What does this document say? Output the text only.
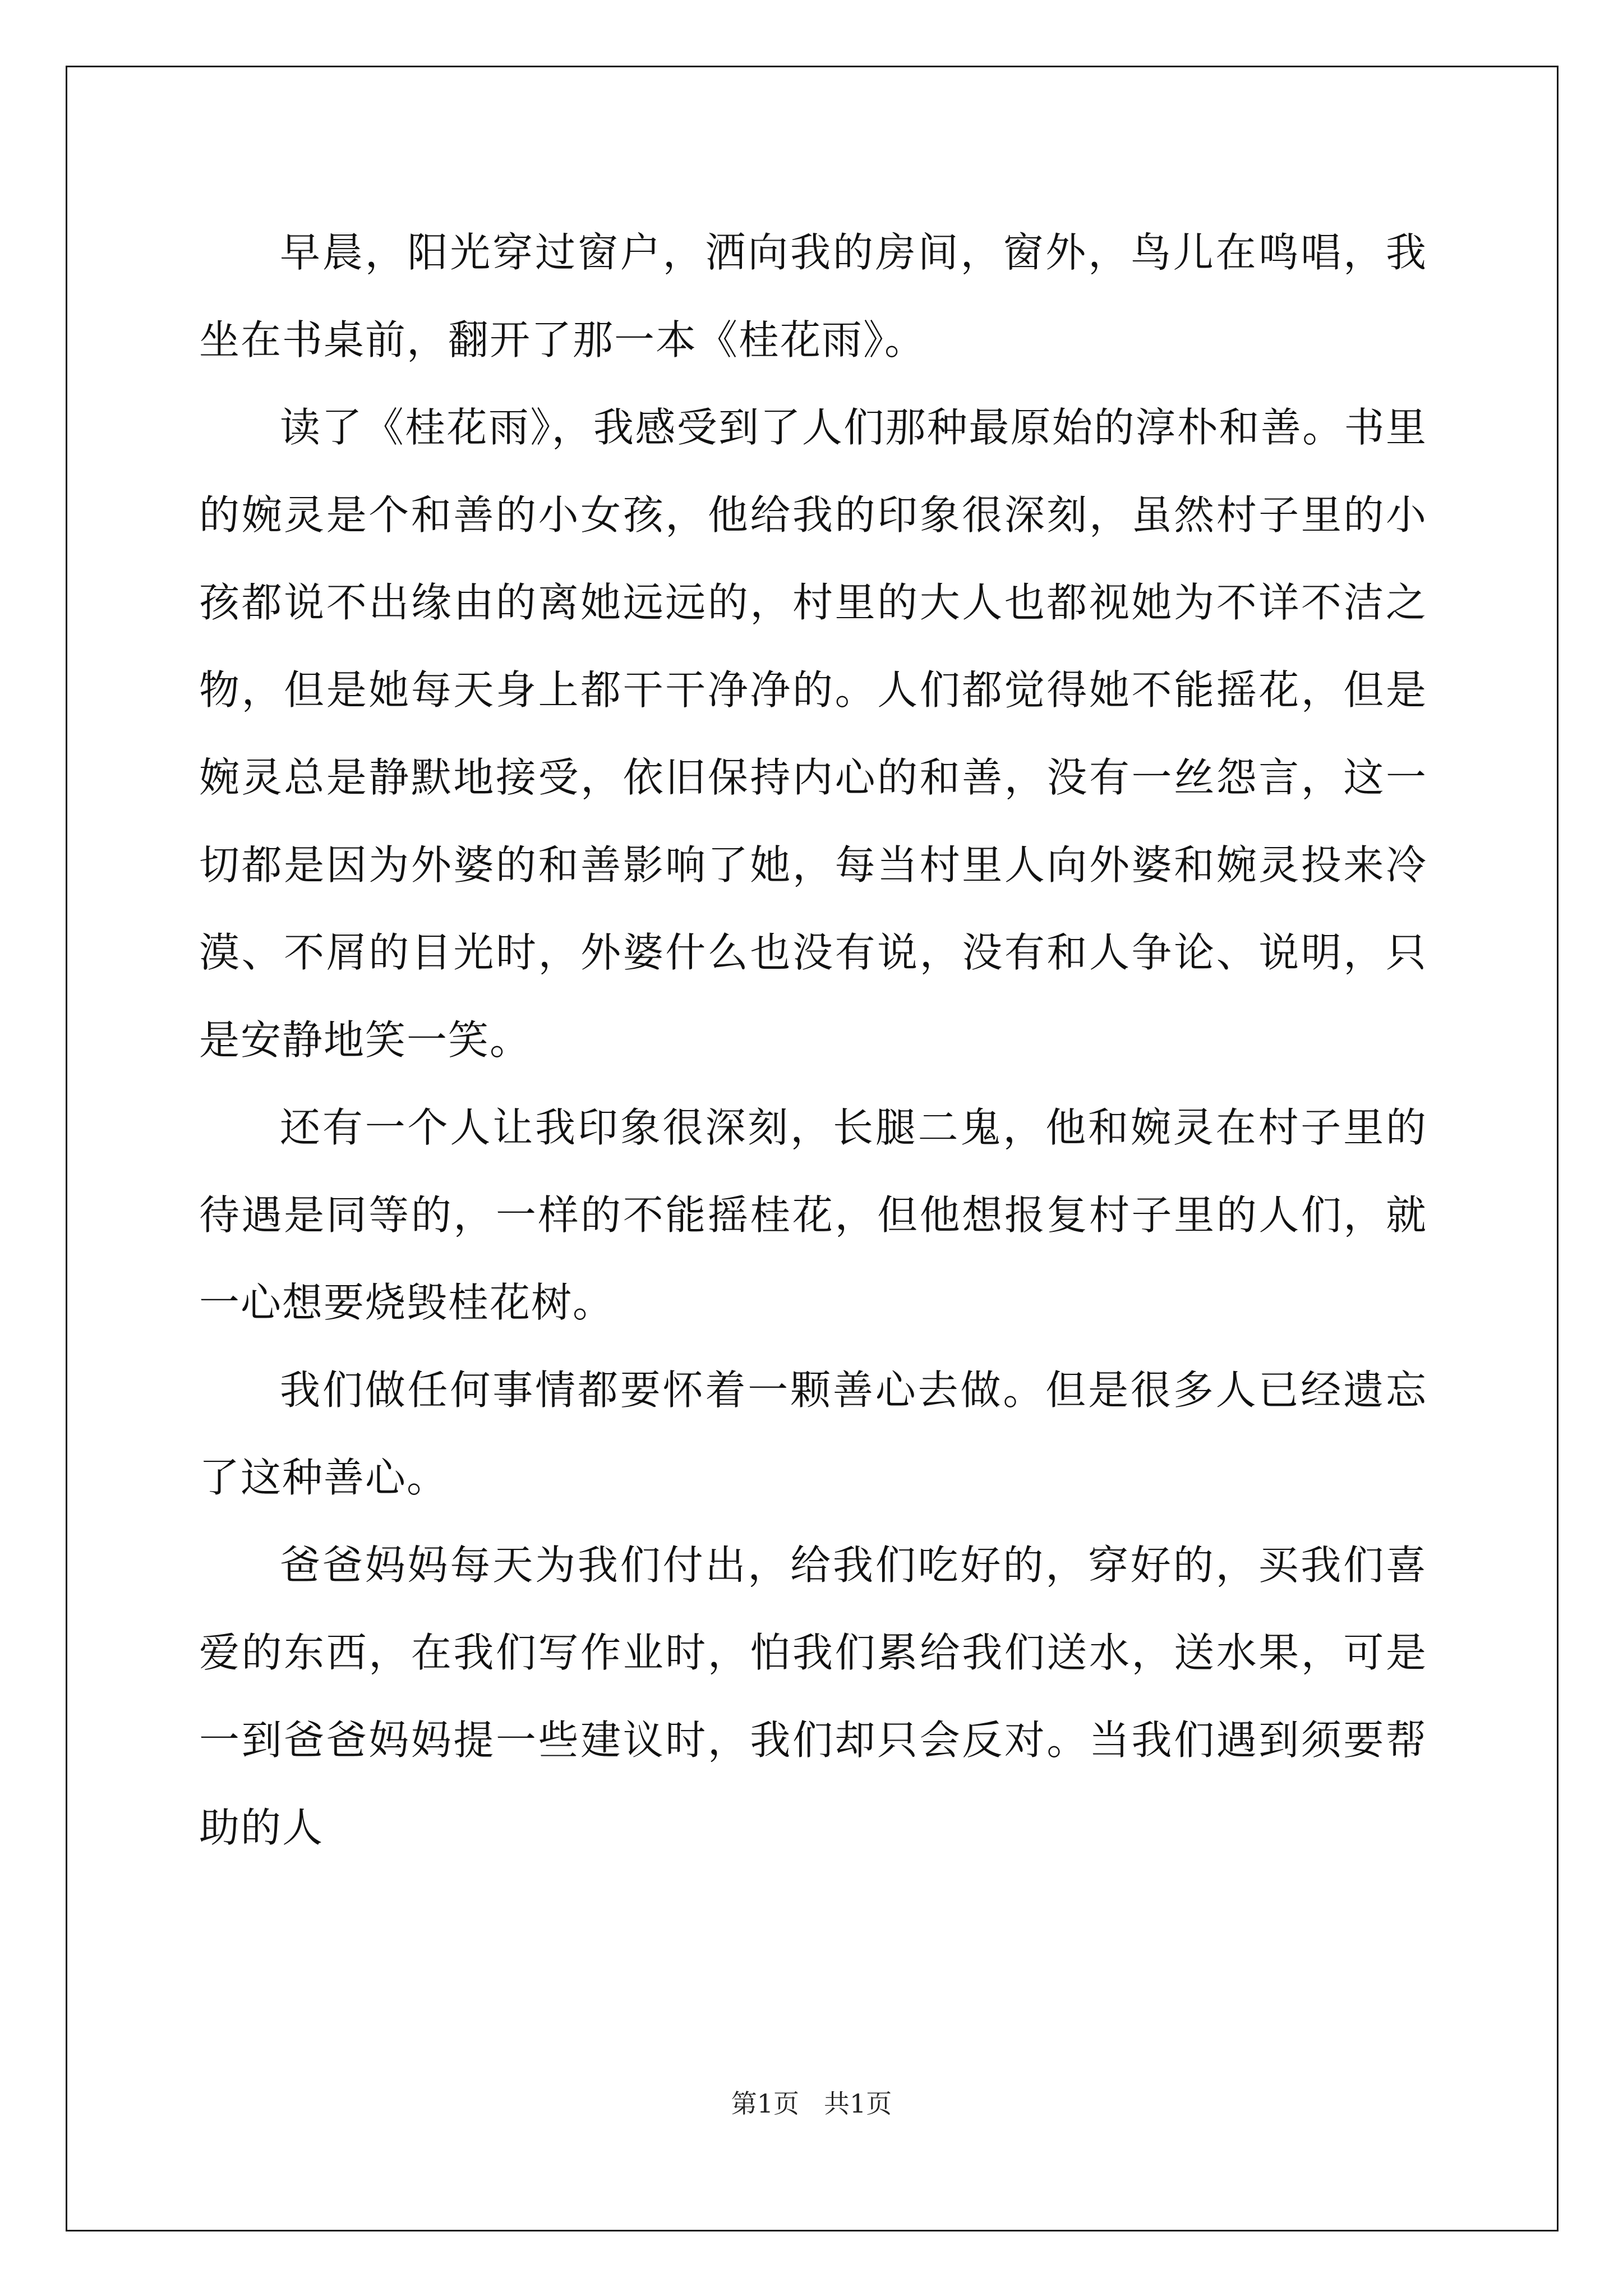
早晨，阳光穿过窗户，洒向我的房间，窗外，鸟儿在鸣唱，我坐在书桌前，翻开了那一本《桂花雨》。

读了《桂花雨》，我感受到了人们那种最原始的淳朴和善。书里的婉灵是个和善的小女孩，他给我的印象很深刻，虽然村子里的小孩都说不出缘由的离她远远的，村里的大人也都视她为不详不洁之物，但是她每天身上都干干净净的。人们都觉得她不能摇花，但是婉灵总是静默地接受，依旧保持内心的和善，没有一丝怨言，这一切都是因为外婆的和善影响了她，每当村里人向外婆和婉灵投来冷漠、不屑的目光时，外婆什么也没有说，没有和人争论、说明，只是安静地笑一笑。

还有一个人让我印象很深刻，长腿二鬼，他和婉灵在村子里的待遇是同等的，一样的不能摇桂花，但他想报复村子里的人们，就一心想要烧毁桂花树。

我们做任何事情都要怀着一颗善心去做。但是很多人已经遗忘了这种善心。

爸爸妈妈每天为我们付出，给我们吃好的，穿好的，买我们喜爱的东西，在我们写作业时，怕我们累给我们送水，送水果，可是一到爸爸妈妈提一些建议时，我们却只会反对。当我们遇到须要帮助的人

第1页 共1页
